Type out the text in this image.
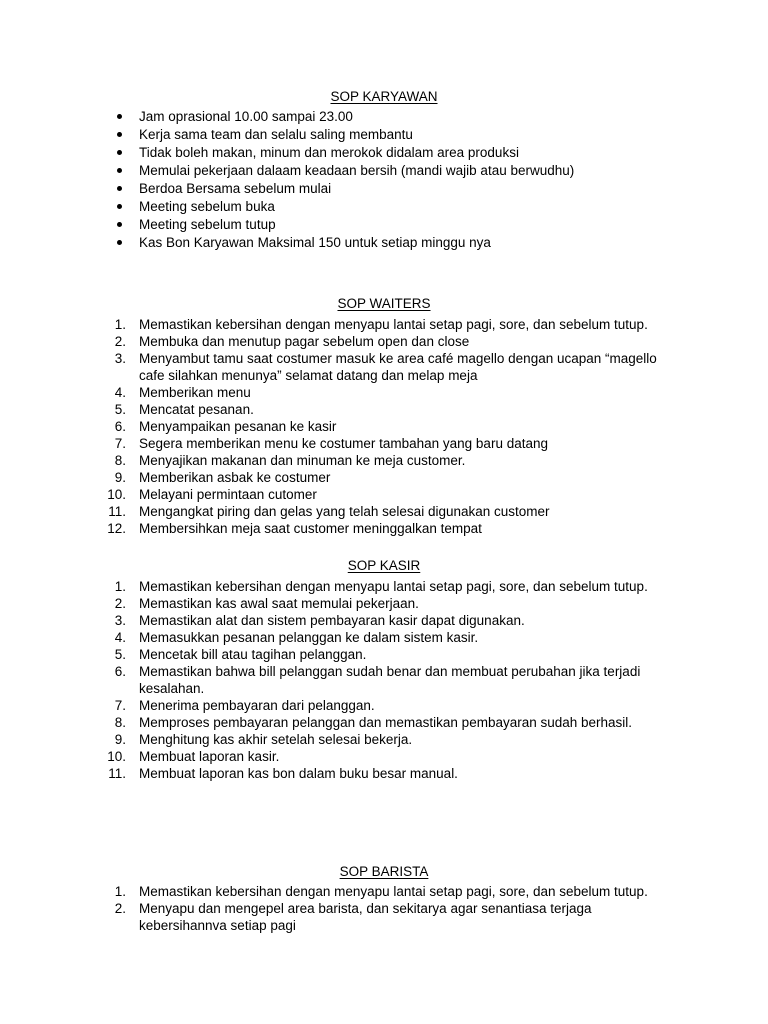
SOP KARYAWAN
Jam oprasional 10.00 sampai 23.00
Kerja sama team dan selalu saling membantu
Tidak boleh makan, minum dan merokok didalam area produksi
Memulai pekerjaan dalaam keadaan bersih (mandi wajib atau berwudhu)
Berdoa Bersama sebelum mulai
Meeting sebelum buka
Meeting sebelum tutup
Kas Bon Karyawan Maksimal 150 untuk setiap minggu nya
SOP WAITERS
1. Memastikan kebersihan dengan menyapu lantai setap pagi, sore, dan sebelum tutup.
2. Membuka dan menutup pagar sebelum open dan close
3. Menyambut tamu saat costumer masuk ke area café magello dengan ucapan “magello cafe silahkan menunya” selamat datang dan melap meja
4. Memberikan menu
5. Mencatat pesanan.
6. Menyampaikan pesanan ke kasir
7. Segera memberikan menu ke costumer tambahan yang baru datang
8. Menyajikan makanan dan minuman ke meja customer.
9. Memberikan asbak ke costumer
10. Melayani permintaan cutomer
11. Mengangkat piring dan gelas yang telah selesai digunakan customer
12. Membersihkan meja saat customer meninggalkan tempat
SOP KASIR
1. Memastikan kebersihan dengan menyapu lantai setap pagi, sore, dan sebelum tutup.
2. Memastikan kas awal saat memulai pekerjaan.
3. Memastikan alat dan sistem pembayaran kasir dapat digunakan.
4. Memasukkan pesanan pelanggan ke dalam sistem kasir.
5. Mencetak bill atau tagihan pelanggan.
6. Memastikan bahwa bill pelanggan sudah benar dan membuat perubahan jika terjadi kesalahan.
7. Menerima pembayaran dari pelanggan.
8. Memproses pembayaran pelanggan dan memastikan pembayaran sudah berhasil.
9. Menghitung kas akhir setelah selesai bekerja.
10. Membuat laporan kasir.
11. Membuat laporan kas bon dalam buku besar manual.
SOP BARISTA
1. Memastikan kebersihan dengan menyapu lantai setap pagi, sore, dan sebelum tutup.
2. Menyapu dan mengepel area barista, dan sekitarya agar senantiasa terjaga kebersihannva setiap pagi
